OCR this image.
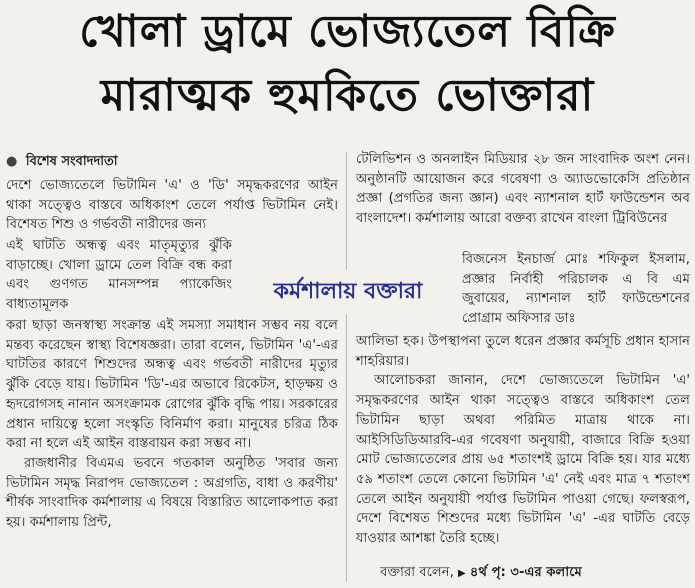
খোলা ড্রামে ভোজ্যতেল বিক্রি
মারাত্মক হুমকিতে ভোক্তারা
● বিশেষ সংবাদদাতা

দেশে ভোজ্যতেলে ভিটামিন 'এ' ও 'ডি' সমৃদ্ধকরণের আইন থাকা সত্ত্বেও বাস্তবে অধিকাংশ তেলে পর্যাপ্ত ভিটামিন নেই। বিশেষত শিশু ও গর্ভবতী নারীদের জন্য

এই ঘাটতি অন্ধত্ব এবং মাতৃমৃত্যুর ঝুঁকি বাড়াচ্ছে। খোলা ড্রামে তেল বিক্রি বন্ধ করা এবং গুণগত মানসম্পন্ন প্যাকেজিং বাধ্যতামূলক

করা ছাড়া জনস্বাস্থ্য সংক্রান্ত এই সমস্যা সমাধান সম্ভব নয় বলে মন্তব্য করেছেন স্বাস্থ্য বিশেষজ্ঞরা। তারা বলেন, ভিটামিন 'এ'-এর ঘাটতির কারণে শিশুদের অন্ধত্ব এবং গর্ভবতী নারীদের মৃত্যুর ঝুঁকি বেড়ে যায়। ভিটামিন 'ডি'-এর অভাবে রিকেটস, হাড়ক্ষয় ও হৃদরোগসহ নানান অসংক্রামক রোগের ঝুঁকি বৃদ্ধি পায়। সরকারের প্রধান দায়িত্বে হলো সংস্কৃতি বিনির্মাণ করা। মানুষের চরিত্র ঠিক করা না হলে এই আইন বাস্তবায়ন করা সম্ভব না।

রাজধানীর বিএমএ ভবনে গতকাল অনুষ্ঠিত 'সবার জন্য ভিটামিন সমৃদ্ধ নিরাপদ ভোজ্যতেল : অগ্রগতি, বাধা ও করণীয়' শীর্ষক সাংবাদিক কর্মশালায় এ বিষয়ে বিস্তারিত আলোকপাত করা হয়। কর্মশালায় প্রিন্ট,

কর্মশালায় বক্তারা

টেলিভিশন ও অনলাইন মিডিয়ার ২৮ জন সাংবাদিক অংশ নেন। অনুষ্ঠানটি আয়োজন করে গবেষণা ও অ্যাডভোকেসি প্রতিষ্ঠান প্রজ্ঞা (প্রগতির জন্য জ্ঞান) এবং ন্যাশনাল হার্ট ফাউন্ডেশন অব বাংলাদেশ। কর্মশালায় আরো বক্তব্য রাখেন বাংলা ট্রিবিউনের

বিজনেস ইনচার্জ মোঃ শফিকুল ইসলাম, প্রজ্ঞার নির্বাহী পরিচালক এ বি এম জুবায়ের, ন্যাশনাল হার্ট ফাউন্ডেশনের প্রোগ্রাম অফিসার ডাঃ

আলিভা হক। উপস্থাপনা তুলে ধরেন প্রজ্ঞার কর্মসূচি প্রধান হাসান শাহরিয়ার।

আলোচকরা জানান, দেশে ভোজ্যতেলে ভিটামিন 'এ' সমৃদ্ধকরণের আইন থাকা সত্ত্বেও বাস্তবে অধিকাংশ তেল ভিটামিন ছাড়া অথবা পরিমিত মাত্রায় থাকে না। আইসিডিডিআরবি-এর গবেষণা অনুযায়ী, বাজারে বিক্রি হওয়া মোট ভোজ্যতেলের প্রায় ৬৫ শতাংশই ড্রামে বিক্রি হয়। যার মধ্যে ৫৯ শতাংশ তেলে কোনো ভিটামিন 'এ' নেই এবং মাত্র ৭ শতাংশ তেলে আইন অনুযায়ী পর্যাপ্ত ভিটামিন পাওয়া গেছে। ফলস্বরূপ, দেশে বিশেষত শিশুদের মধ্যে ভিটামিন 'এ' -এর ঘাটতি বেড়ে যাওয়ার আশঙ্কা তৈরি হচ্ছে।

বক্তারা বলেন, ▶ ৪র্থ পৃ: ৩-এর কলামে
